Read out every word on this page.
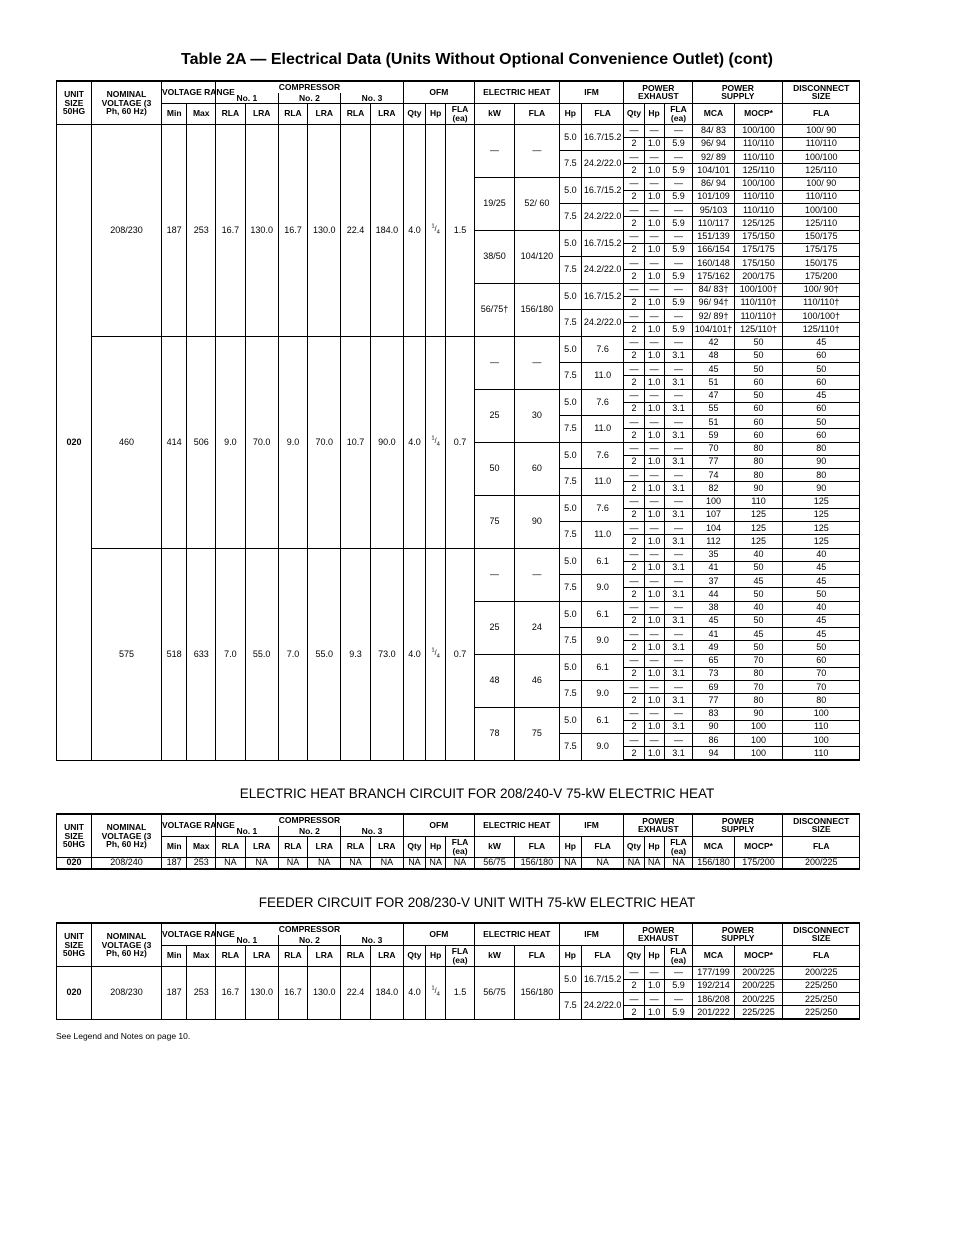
Table 2A — Electrical Data (Units Without Optional Convenience Outlet) (cont)
UNIT SIZE 50HG	NOMINAL VOLTAGE (3 Ph, 60 Hz)	VOLTAGE RANGE		COMPRESSOR						OFM			ELECTRIC HEAT		IFM		POWER EXHAUST			POWER SUPPLY		DISCONNECT SIZE
				No. 1		No. 2		No. 3														
		Min	Max	RLA	LRA	RLA	LRA	RLA	LRA	Qty	Hp	FLA (ea)	kW	FLA	Hp	FLA	Qty	Hp	FLA (ea)	MCA	MOCP*	FLA
020	208/230	187	253	16.7	130.0	16.7	130.0	22.4	184.0	4.0	$^1/_4$	1.5	—	—	5.0	16.7/15.2	—	—	—	84/ 83	100/100	100/ 90
																	2	1.0	5.9	96/ 94	110/110	110/110
															7.5	24.2/22.0	—	—	—	92/ 89	110/110	100/100
																	2	1.0	5.9	104/101	125/110	125/110
													19/25	52/ 60	5.0	16.7/15.2	—	—	—	86/ 94	100/100	100/ 90
																	2	1.0	5.9	101/109	110/110	110/110
															7.5	24.2/22.0	—	—	—	95/103	110/110	100/100
																	2	1.0	5.9	110/117	125/125	125/110
													38/50	104/120	5.0	16.7/15.2	—	—	—	151/139	175/150	150/175
																	2	1.0	5.9	166/154	175/175	175/175
															7.5	24.2/22.0	—	—	—	160/148	175/150	150/175
																	2	1.0	5.9	175/162	200/175	175/200
													56/75†	156/180	5.0	16.7/15.2	—	—	—	84/ 83†	100/100†	100/ 90†
																	2	1.0	5.9	96/ 94†	110/110†	110/110†
															7.5	24.2/22.0	—	—	—	92/ 89†	110/110†	100/100†
																	2	1.0	5.9	104/101†	125/110†	125/110†
	460	414	506	9.0	70.0	9.0	70.0	10.7	90.0	4.0	$^1/_4$	0.7	—	—	5.0	7.6	—	—	—	42	50	45
																	2	1.0	3.1	48	50	60
															7.5	11.0	—	—	—	45	50	50
																	2	1.0	3.1	51	60	60
													25	30	5.0	7.6	—	—	—	47	50	45
																	2	1.0	3.1	55	60	60
															7.5	11.0	—	—	—	51	60	50
																	2	1.0	3.1	59	60	60
													50	60	5.0	7.6	—	—	—	70	80	80
																	2	1.0	3.1	77	80	90
															7.5	11.0	—	—	—	74	80	80
																	2	1.0	3.1	82	90	90
													75	90	5.0	7.6	—	—	—	100	110	125
																	2	1.0	3.1	107	125	125
															7.5	11.0	—	—	—	104	125	125
																	2	1.0	3.1	112	125	125
	575	518	633	7.0	55.0	7.0	55.0	9.3	73.0	4.0	$^1/_4$	0.7	—	—	5.0	6.1	—	—	—	35	40	40
																	2	1.0	3.1	41	50	45
															7.5	9.0	—	—	—	37	45	45
																	2	1.0	3.1	44	50	50
													25	24	5.0	6.1	—	—	—	38	40	40
																	2	1.0	3.1	45	50	45
															7.5	9.0	—	—	—	41	45	45
																	2	1.0	3.1	49	50	50
													48	46	5.0	6.1	—	—	—	65	70	60
																	2	1.0	3.1	73	80	70
															7.5	9.0	—	—	—	69	70	70
																	2	1.0	3.1	77	80	80
													78	75	5.0	6.1	—	—	—	83	90	100
																	2	1.0	3.1	90	100	110
															7.5	9.0	—	—	—	86	100	100
																	2	1.0	3.1	94	100	110
ELECTRIC HEAT BRANCH CIRCUIT FOR 208/240-V 75-kW ELECTRIC HEAT
UNIT SIZE 50HG	NOMINAL VOLTAGE (3 Ph, 60 Hz)	VOLTAGE RANGE		COMPRESSOR						OFM			ELECTRIC HEAT		IFM		POWER EXHAUST			POWER SUPPLY		DISCONNECT SIZE
				No. 1		No. 2		No. 3														
		Min	Max	RLA	LRA	RLA	LRA	RLA	LRA	Qty	Hp	FLA (ea)	kW	FLA	Hp	FLA	Qty	Hp	FLA (ea)	MCA	MOCP*	FLA
020	208/240	187	253	NA	NA	NA	NA	NA	NA	NA	NA	NA	56/75	156/180	NA	NA	NA	NA	NA	156/180	175/200	200/225
FEEDER CIRCUIT FOR 208/230-V UNIT WITH 75-kW ELECTRIC HEAT
UNIT SIZE 50HG	NOMINAL VOLTAGE (3 Ph, 60 Hz)	VOLTAGE RANGE		COMPRESSOR						OFM			ELECTRIC HEAT		IFM		POWER EXHAUST			POWER SUPPLY		DISCONNECT SIZE
				No. 1		No. 2		No. 3														
		Min	Max	RLA	LRA	RLA	LRA	RLA	LRA	Qty	Hp	FLA (ea)	kW	FLA	Hp	FLA	Qty	Hp	FLA (ea)	MCA	MOCP*	FLA
020	208/230	187	253	16.7	130.0	16.7	130.0	22.4	184.0	4.0	$^1/_4$	1.5	56/75	156/180	5.0	16.7/15.2	—	—	—	177/199	200/225	200/225
																	2	1.0	5.9	192/214	200/225	225/250
															7.5	24.2/22.0	—	—	—	186/208	200/225	225/250
																	2	1.0	5.9	201/222	225/225	225/250
See Legend and Notes on page 10.
